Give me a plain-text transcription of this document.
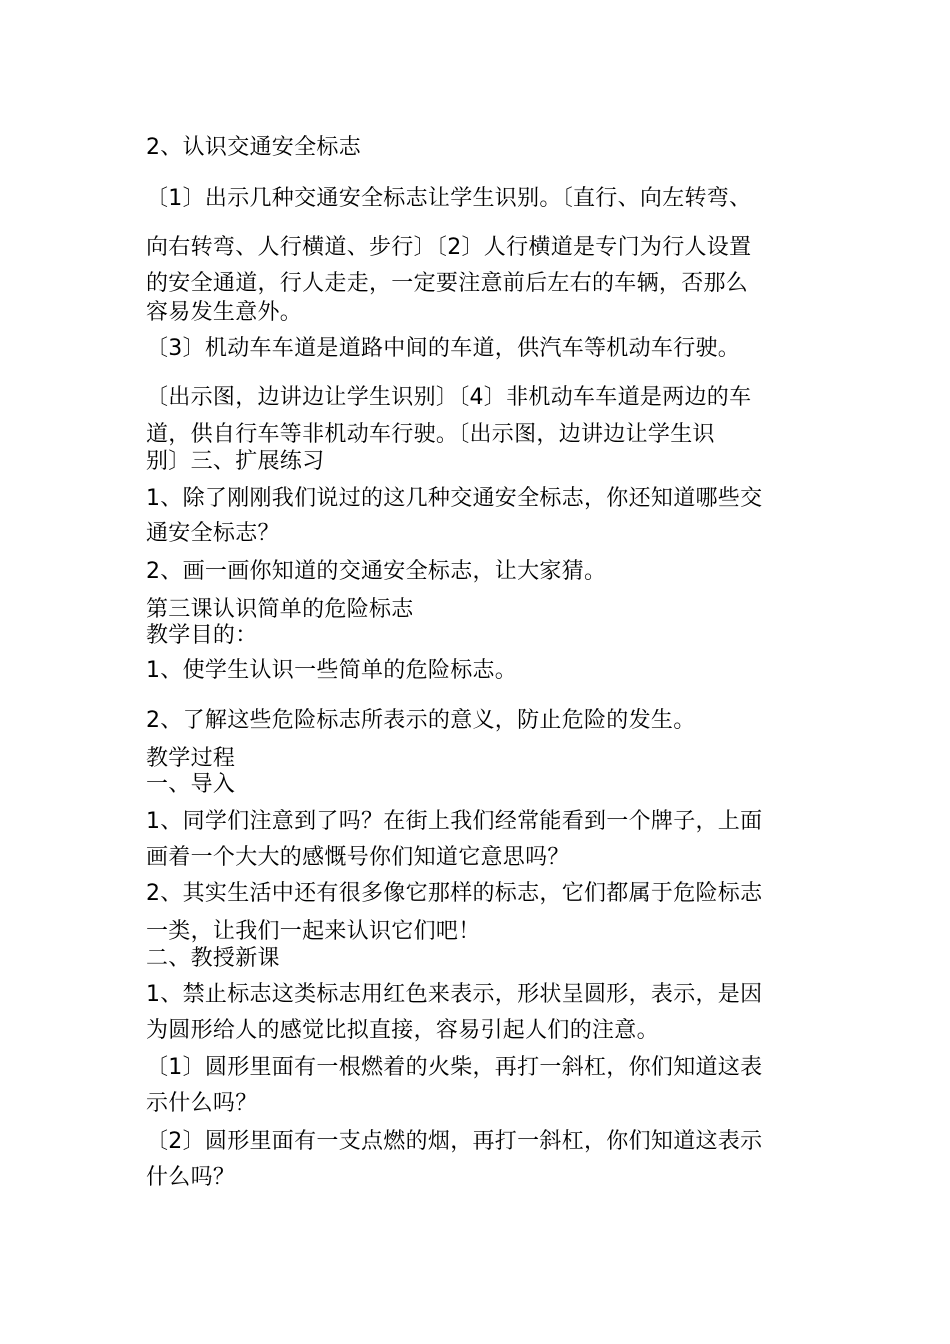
2、认识交通安全标志
〔1〕出示几种交通安全标志让学生识别。〔直行、向左转弯、
向右转弯、人行横道、步行〕〔2〕人行横道是专门为行人设置
的安全通道，行人走走，一定要注意前后左右的车辆，否那么
容易发生意外。
〔3〕机动车车道是道路中间的车道，供汽车等机动车行驶。
〔出示图，边讲边让学生识别〕〔4〕非机动车车道是两边的车
道，供自行车等非机动车行驶。〔出示图，边讲边让学生识
别〕三、扩展练习
1、除了刚刚我们说过的这几种交通安全标志，你还知道哪些交
通安全标志？
2、画一画你知道的交通安全标志，让大家猜。
第三课认识简单的危险标志
教学目的：
1、使学生认识一些简单的危险标志。
2、了解这些危险标志所表示的意义，防止危险的发生。
教学过程
一、导入
1、同学们注意到了吗？在街上我们经常能看到一个牌子，上面
画着一个大大的感慨号你们知道它意思吗？
2、其实生活中还有很多像它那样的标志，它们都属于危险标志
一类，让我们一起来认识它们吧！
二、教授新课
1、禁止标志这类标志用红色来表示，形状呈圆形，表示，是因
为圆形给人的感觉比拟直接，容易引起人们的注意。
〔1〕圆形里面有一根燃着的火柴，再打一斜杠，你们知道这表
示什么吗？
〔2〕圆形里面有一支点燃的烟，再打一斜杠，你们知道这表示
什么吗？
